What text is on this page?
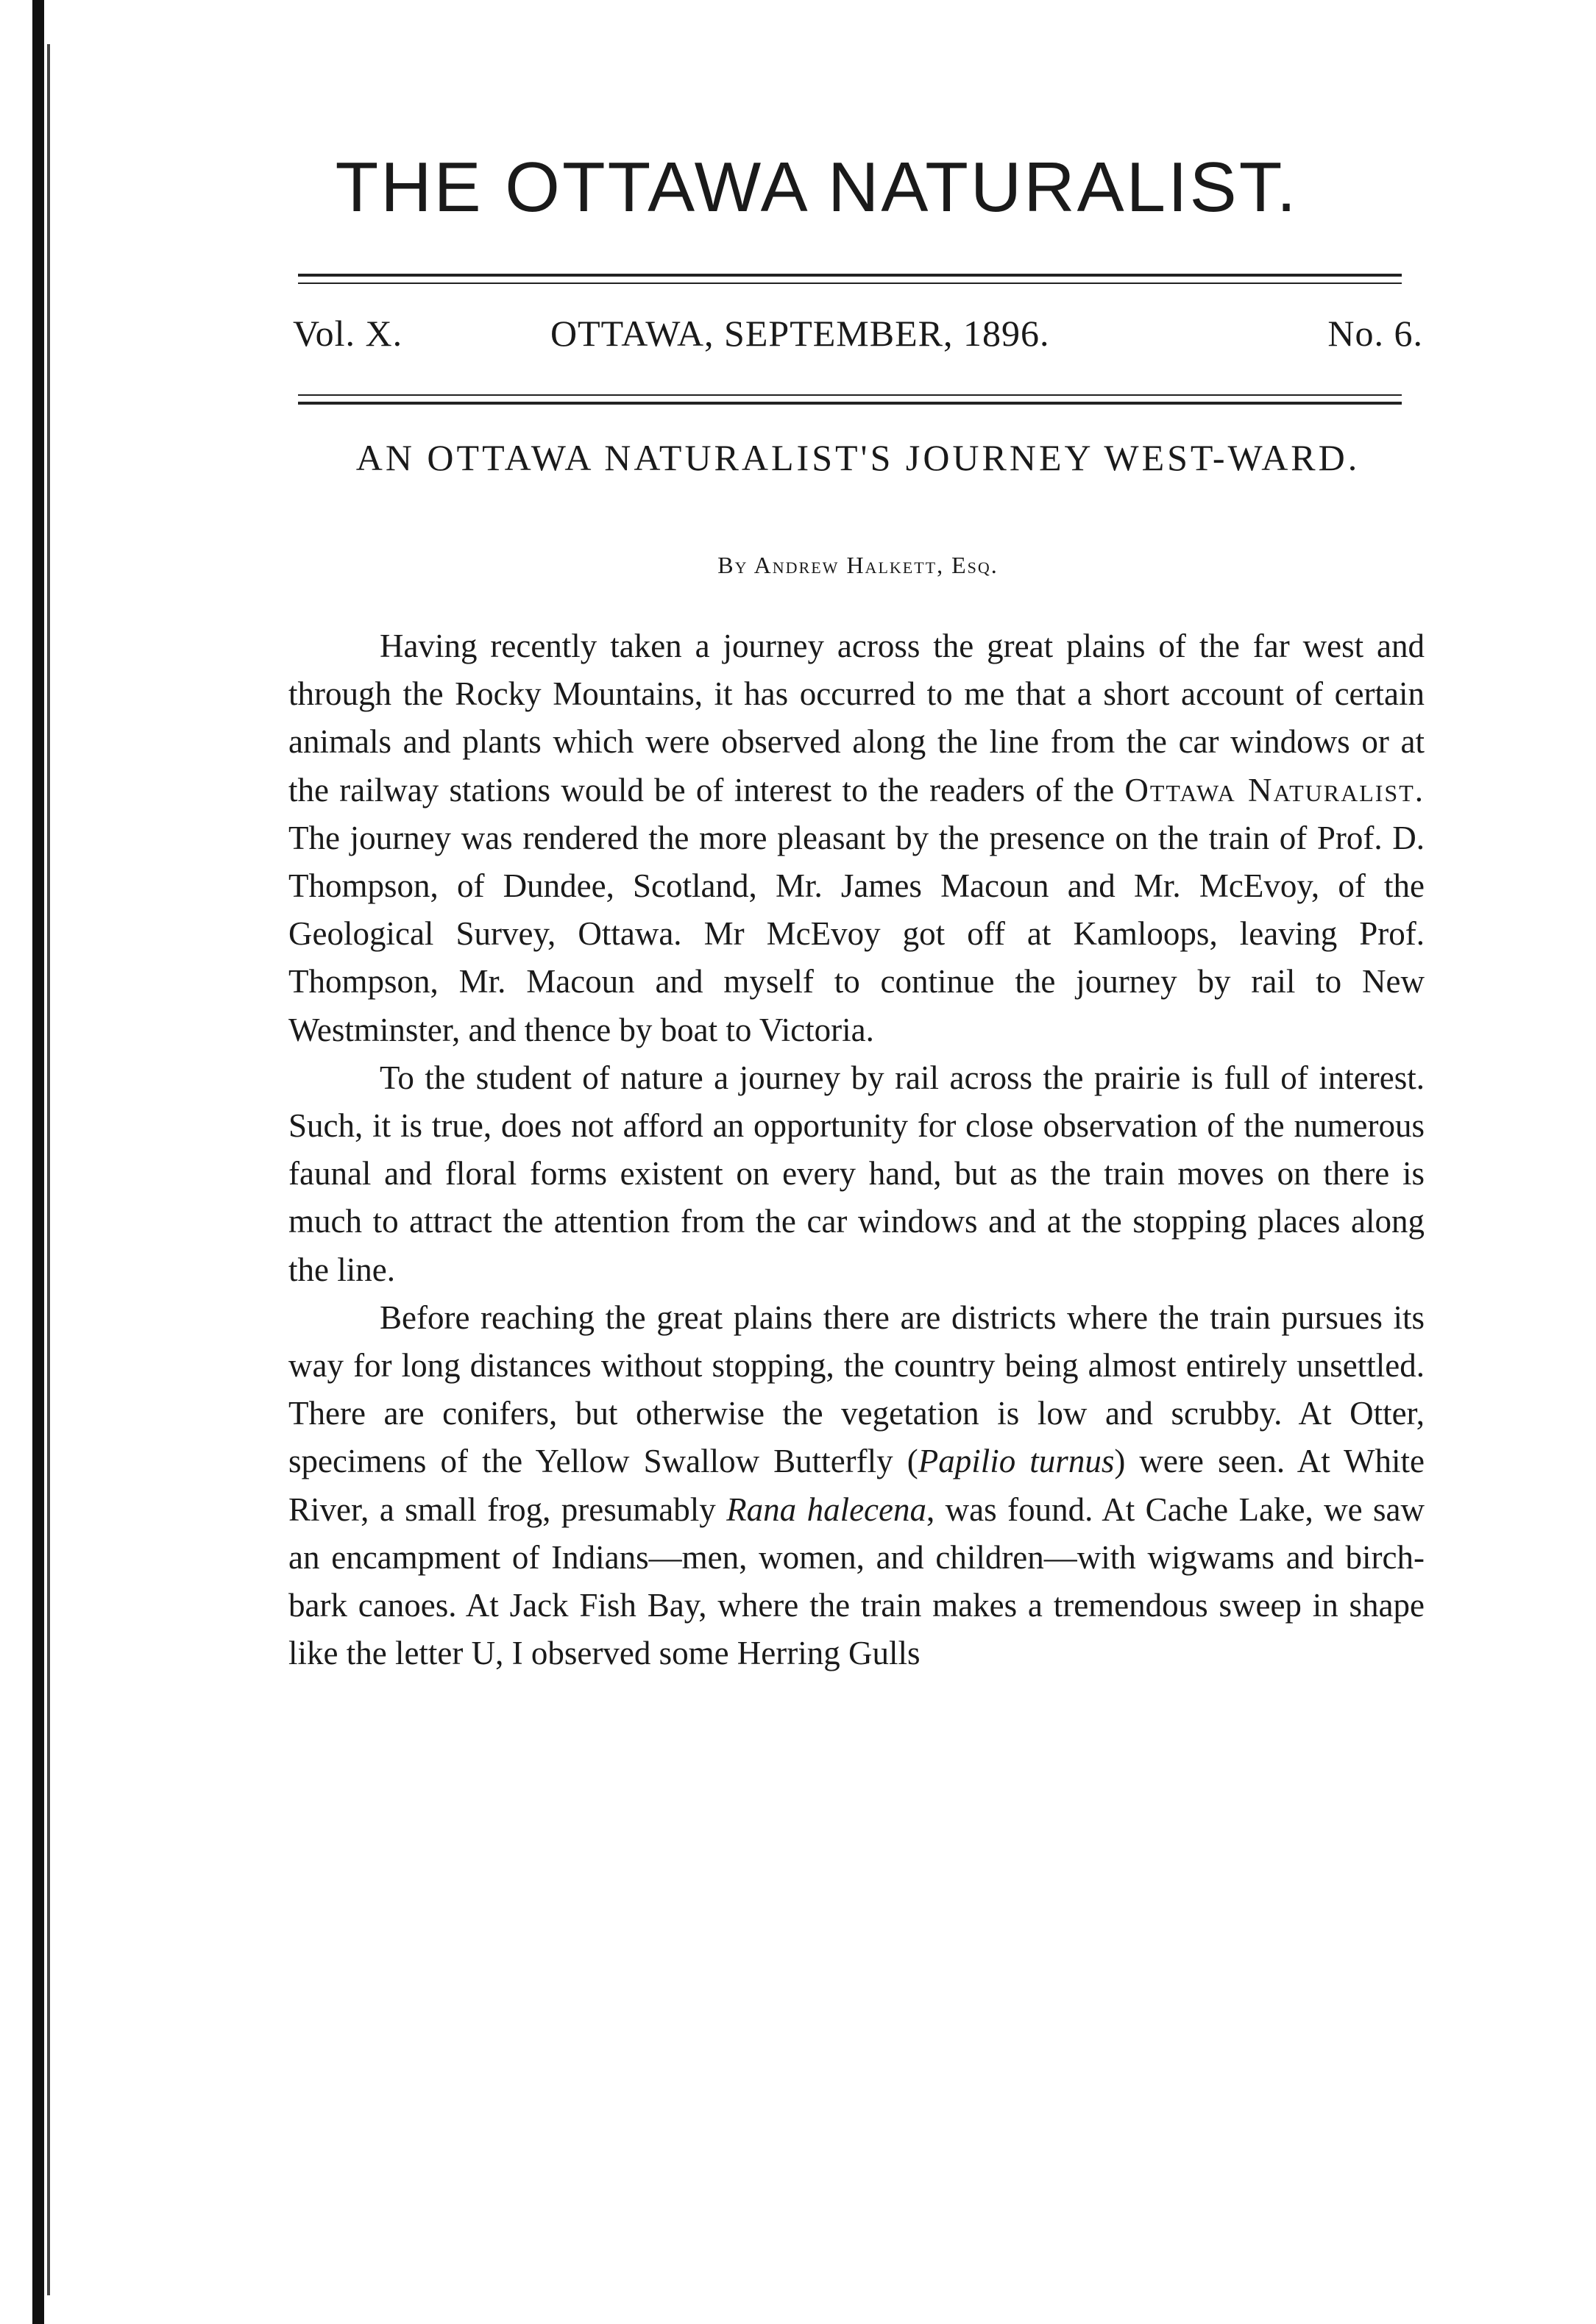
THE OTTAWA NATURALIST.
Vol. X.	OTTAWA, SEPTEMBER, 1896.	No. 6.
AN OTTAWA NATURALIST'S JOURNEY WEST-WARD.
By Andrew Halkett, Esq.

Having recently taken a journey across the great plains of the far west and through the Rocky Mountains, it has occurred to me that a short account of certain animals and plants which were observed along the line from the car windows or at the railway stations would be of interest to the readers of the Ottawa Naturalist. The journey was rendered the more pleasant by the presence on the train of Prof. D. Thompson, of Dundee, Scotland, Mr. James Macoun and Mr. McEvoy, of the Geological Survey, Ottawa. Mr McEvoy got off at Kamloops, leaving Prof. Thompson, Mr. Macoun and myself to continue the journey by rail to New Westminster, and thence by boat to Victoria.

To the student of nature a journey by rail across the prairie is full of interest. Such, it is true, does not afford an opportunity for close observation of the numerous faunal and floral forms existent on every hand, but as the train moves on there is much to attract the attention from the car windows and at the stopping places along the line.

Before reaching the great plains there are districts where the train pursues its way for long distances without stopping, the country being almost entirely unsettled. There are conifers, but otherwise the vegetation is low and scrubby. At Otter, specimens of the Yellow Swallow Butterfly (Papilio turnus) were seen. At White River, a small frog, presumably Rana halecena, was found. At Cache Lake, we saw an encampment of Indians—men, women, and children—with wigwams and birch-bark canoes. At Jack Fish Bay, where the train makes a tremendous sweep in shape like the letter U, I observed some Herring Gulls
